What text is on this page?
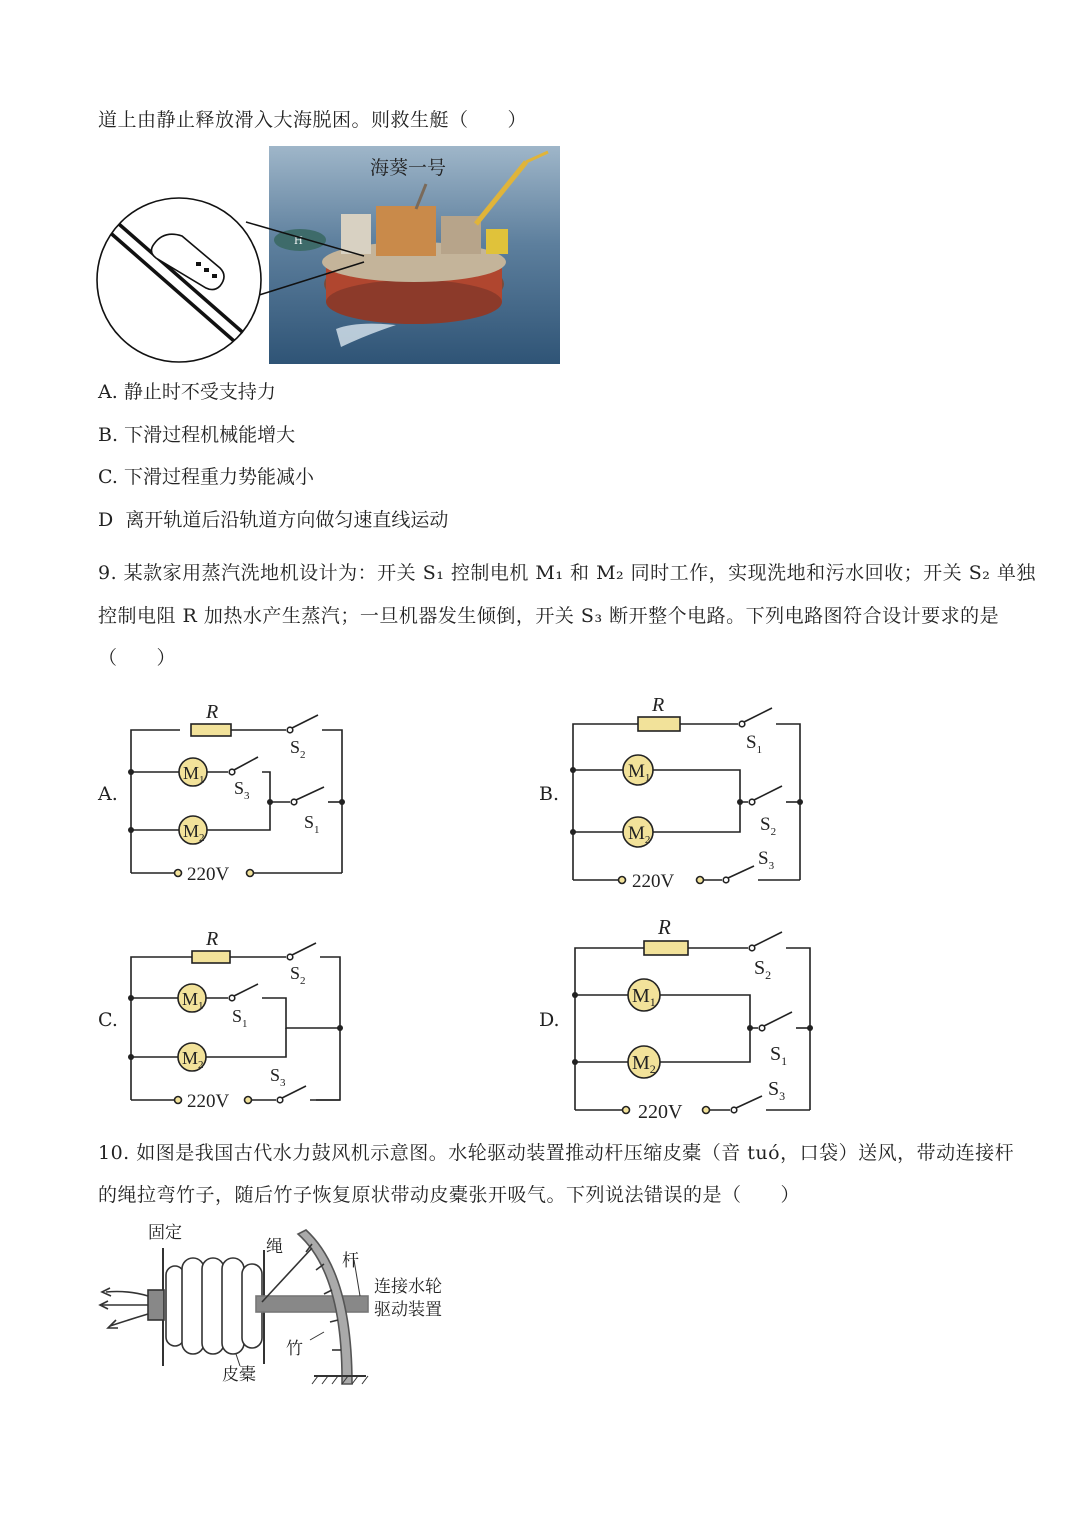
道上由静止释放滑入大海脱困。则救生艇（　　）
H
海葵一号
A. 静止时不受支持力
B. 下滑过程机械能增大
C. 下滑过程重力势能减小
D 离开轨道后沿轨道方向做匀速直线运动
9. 某款家用蒸汽洗地机设计为：开关 S₁ 控制电机 M₁ 和 M₂ 同时工作，实现洗地和污水回收；开关 S₂ 单独
控制电阻 R 加热水产生蒸汽；一旦机器发生倾倒，开关 S₃ 断开整个电路。下列电路图符合设计要求的是
（　　）
A.	B.
C.	D.
R
$M_1$
$M_2$
$S_2$
$S_3$
$S_1$
220V
R
$M_1$
$M_2$
$S_1$
$S_2$
$S_3$
220V
R
$M_1$
$M_2$
$S_2$
$S_1$
$S_3$
220V
R
$M_1$
$M_2$
$S_2$
$S_1$
$S_3$
220V
10. 如图是我国古代水力鼓风机示意图。水轮驱动装置推动杆压缩皮橐（音 tuó，口袋）送风，带动连接杆
的绳拉弯竹子，随后竹子恢复原状带动皮橐张开吸气。下列说法错误的是（　　）
固定
绳
杆
连接水轮
驱动装置
竹
皮橐
